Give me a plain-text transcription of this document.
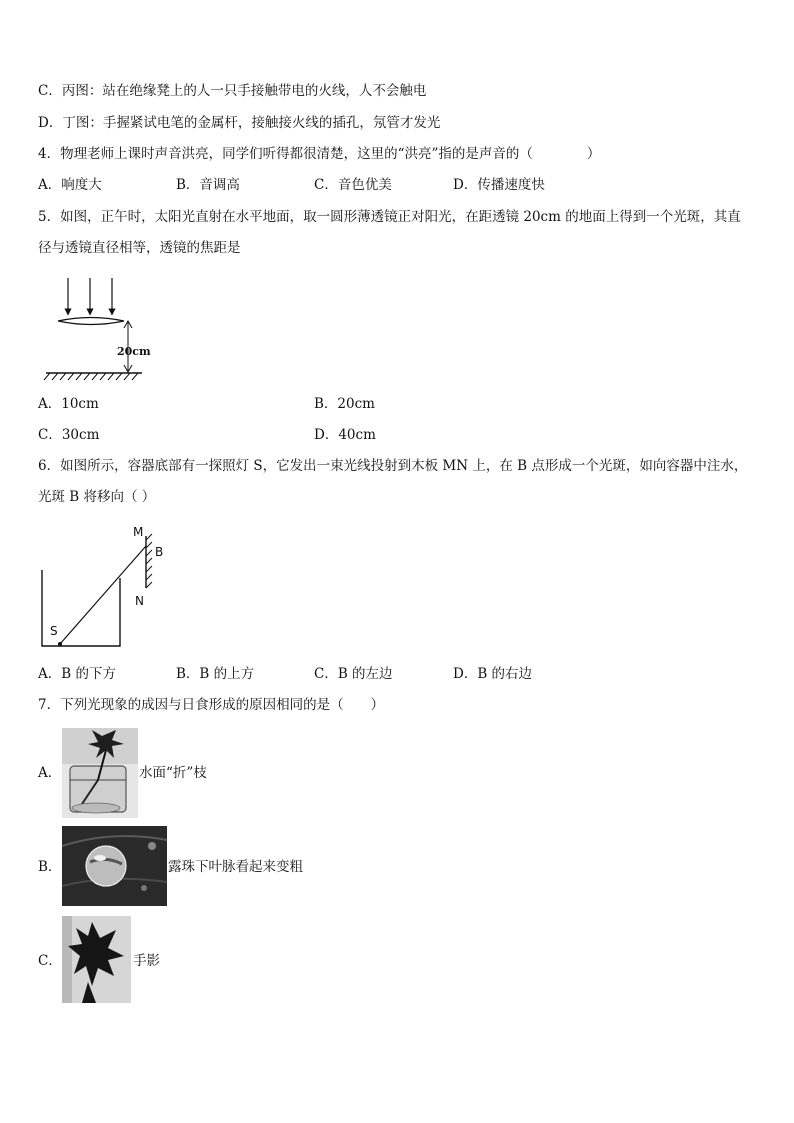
C．丙图：站在绝缘凳上的人一只手接触带电的火线，人不会触电
D．丁图：手握紧试电笔的金属杆，接触接火线的插孔，氖管才发光
4．物理老师上课时声音洪亮，同学们听得都很清楚，这里的“洪亮”指的是声音的（　　　　）
A．响度大	B．音调高	C．音色优美	D．传播速度快
5．如图，正午时，太阳光直射在水平地面，取一圆形薄透镜正对阳光，在距透镜 20cm 的地面上得到一个光斑，其直
径与透镜直径相等，透镜的焦距是
20cm
A．10cm	B．20cm
C．30cm	D．40cm
6．如图所示，容器底部有一探照灯 S，它发出一束光线投射到木板 MN 上，在 B 点形成一个光斑，如向容器中注水，
光斑 B 将移向（ ）
M
B
N
S
A．B 的下方	B．B 的上方	C．B 的左边	D．B 的右边
7．下列光现象的成因与日食形成的原因相同的是（　　）
A．	水面“折”枝
B．	露珠下叶脉看起来变粗
C．	手影
